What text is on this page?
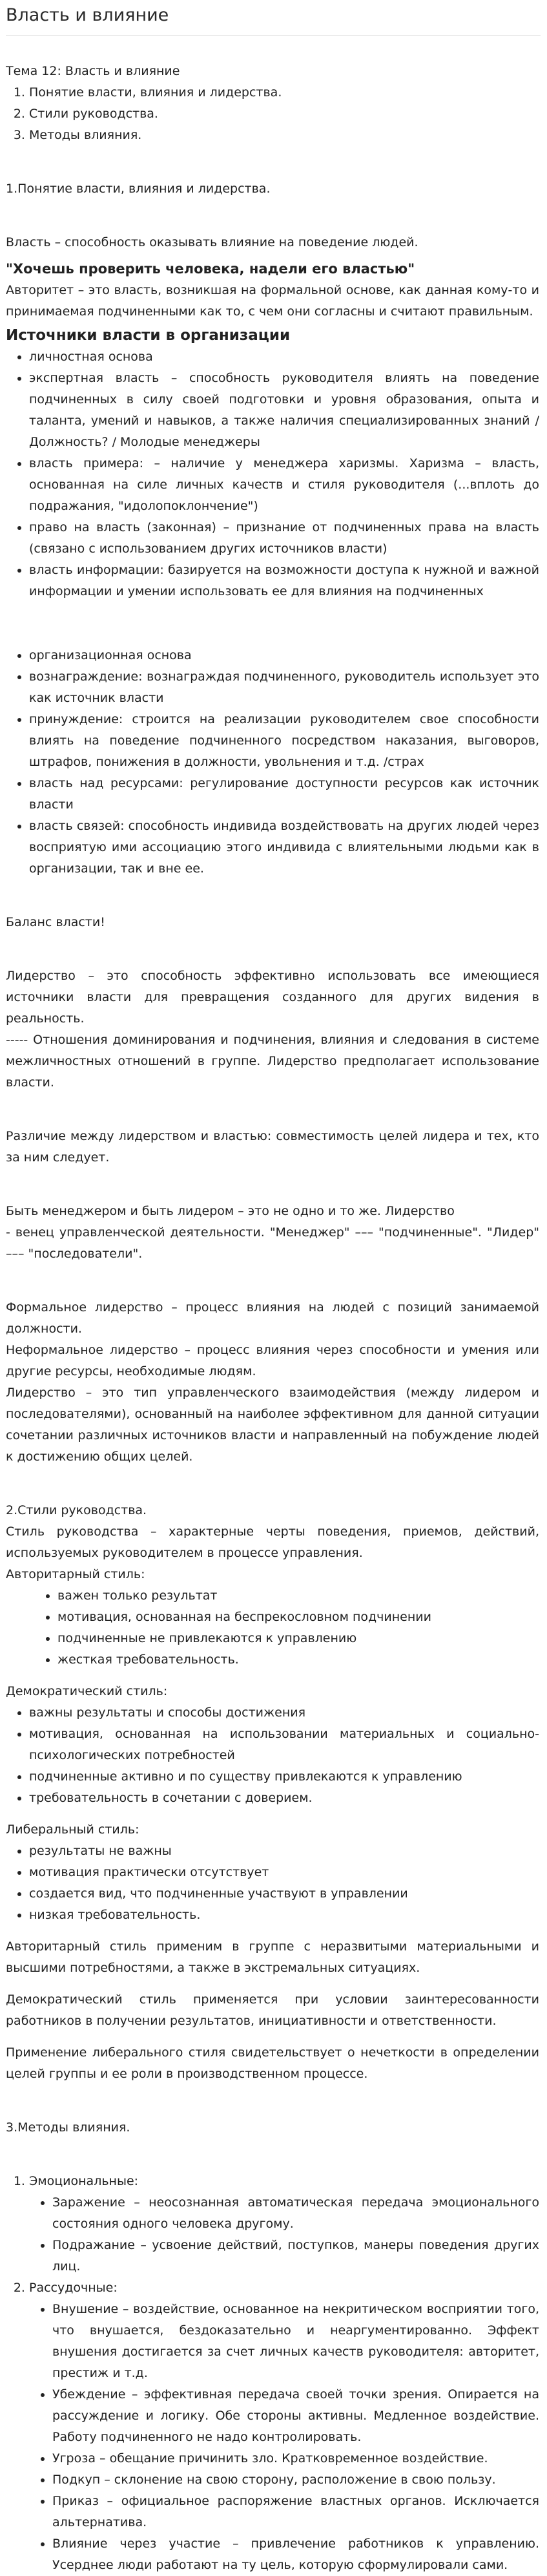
Власть и влияние

Тема 12: Власть и влияние

1. Понятие власти, влияния и лидерства.
2. Стили руководства.
3. Методы влияния.

1.Понятие власти, влияния и лидерства.

Власть – способность оказывать влияние на поведение людей.

"Хочешь проверить человека, надели его властью"

Авторитет – это власть, возникшая на формальной основе, как данная кому-то и принимаемая подчиненными как то, с чем они согласны и считают правильным.

Источники власти в организации

• личностная основа
• экспертная власть – способность руководителя влиять на поведение подчиненных в силу своей подготовки и уровня образования, опыта и таланта, умений и навыков, а также наличия специализированных знаний / Должность? / Молодые менеджеры
• власть примера: – наличие у менеджера харизмы. Харизма – власть, основанная на силе личных качеств и стиля руководителя (...вплоть до подражания, "идолопоклончение")
• право на власть (законная) – признание от подчиненных права на власть (связано с использованием других источников власти)
• власть информации: базируется на возможности доступа к нужной и важной информации и умении использовать ее для влияния на подчиненных
• организационная основа
• вознаграждение: вознаграждая подчиненного, руководитель использует это как источник власти
• принуждение: строится на реализации руководителем свое способности влиять на поведение подчиненного посредством наказания, выговоров, штрафов, понижения в должности, увольнения и т.д. /страх
• власть над ресурсами: регулирование доступности ресурсов как источник власти
• власть связей: способность индивида воздействовать на других людей через восприятую ими ассоциацию этого индивида с влиятельными людьми как в организации, так и вне ее.

Баланс власти!

Лидерство – это способность эффективно использовать все имеющиеся источники власти для превращения созданного для других видения в реальность.

----- Отношения доминирования и подчинения, влияния и следования в системе межличностных отношений в группе. Лидерство предполагает использование власти.

Различие между лидерством и властью: совместимость целей лидера и тех, кто за ним следует.

Быть менеджером и быть лидером – это не одно и то же. Лидерство

- венец управленческой деятельности. "Менеджер" ––– "подчиненные". "Лидер" ––– "последователи".

Формальное лидерство – процесс влияния на людей с позиций занимаемой должности.

Неформальное лидерство – процесс влияния через способности и умения или другие ресурсы, необходимые людям.

Лидерство – это тип управленческого взаимодействия (между лидером и последователями), основанный на наиболее эффективном для данной ситуации сочетании различных источников власти и направленный на побуждение людей к достижению общих целей.

2.Стили руководства.

Стиль руководства – характерные черты поведения, приемов, действий, используемых руководителем в процессе управления.

Авторитарный стиль:

• важен только результат
• мотивация, основанная на беспрекословном подчинении
• подчиненные не привлекаются к управлению
• жесткая требовательность.

Демократический стиль:

• важны результаты и способы достижения
• мотивация, основанная на использовании материальных и социально-психологических потребностей
• подчиненные активно и по существу привлекаются к управлению
• требовательность в сочетании с доверием.

Либеральный стиль:

• результаты не важны
• мотивация практически отсутствует
• создается вид, что подчиненные участвуют в управлении
• низкая требовательность.

Авторитарный стиль применим в группе с неразвитыми материальными и высшими потребностями, а также в экстремальных ситуациях.

Демократический стиль применяется при условии заинтересованности работников в получении результатов, инициативности и ответственности.

Применение либерального стиля свидетельствует о нечеткости в определении целей группы и ее роли в производственном процессе.

3.Методы влияния.

1. Эмоциональные:
• Заражение – неосознанная автоматическая передача эмоционального состояния одного человека другому.
• Подражание – усвоение действий, поступков, манеры поведения других лиц.
2. Рассудочные:
• Внушение – воздействие, основанное на некритическом восприятии того, что внушается, бездоказательно и неаргументированно. Эффект внушения достигается за счет личных качеств руководителя: авторитет, престиж и т.д.
• Убеждение – эффективная передача своей точки зрения. Опирается на рассуждение и логику. Обе стороны активны. Медленное воздействие. Работу подчиненного не надо контролировать.
• Угроза – обещание причинить зло. Кратковременное воздействие.
• Подкуп – склонение на свою сторону, расположение в свою пользу.
• Приказ – официальное распоряжение властных органов. Исключается альтернатива.
• Влияние через участие – привлечение работников к управлению. Усерднее люди работают на ту цель, которую сформулировали сами.
